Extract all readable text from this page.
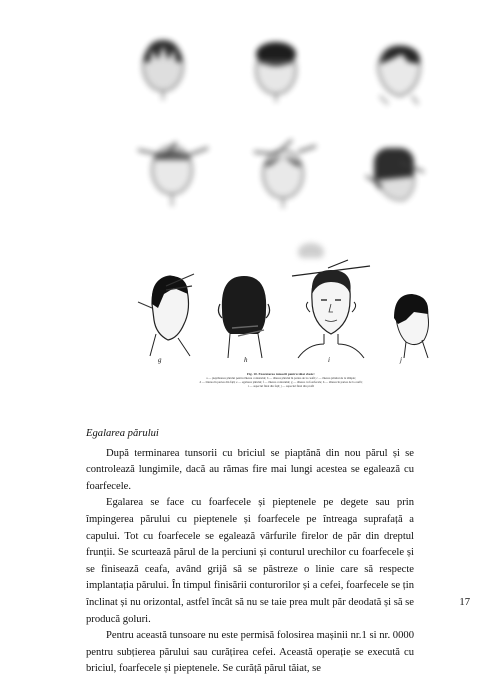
g	h	i	j
Fig. 10. Executarea tunsorii pentru tăiat clasic:
a — pieptănarea părului pentru tăierea conturului; b — tăierea părului în partea de la ceafă; c — tăierea părului de la tâmple;
d — tăierea în partea din față; e — egalarea părului; f — tăierea conturului; g — tăierea cu foarfecele; h — tăierea în partea de la ceafă;
i — aspectul final din față; j — aspectul final din profil

Egalarea părului

După terminarea tunsorii cu briciul se piaptănă din nou părul și se controlează lungimile, dacă au rămas fire mai lungi acestea se egalează cu foarfecele.

Egalarea se face cu foarfecele și pieptenele pe degete sau prin împingerea părului cu pieptenele și foarfecele pe întreaga suprafață a capului. Tot cu foarfecele se egalează vârfurile firelor de păr din dreptul frunții. Se scurtează părul de la perciuni și conturul urechilor cu foarfecele și se finisează ceafa, având grijă să se păstreze o linie care să respecte implantația părului. În timpul finisării conturorilor și a cefei, foarfecele se țin înclinat și nu orizontal, astfel încât să nu se taie prea mult păr deodată și să se producă goluri.

Pentru această tunsoare nu este permisă folosirea mașinii nr.1 si nr. 0000 pentru subțierea părului sau curățirea cefei. Această operație se execută cu briciul, foarfecele și pieptenele. Se curăță părul tăiat, se

17
